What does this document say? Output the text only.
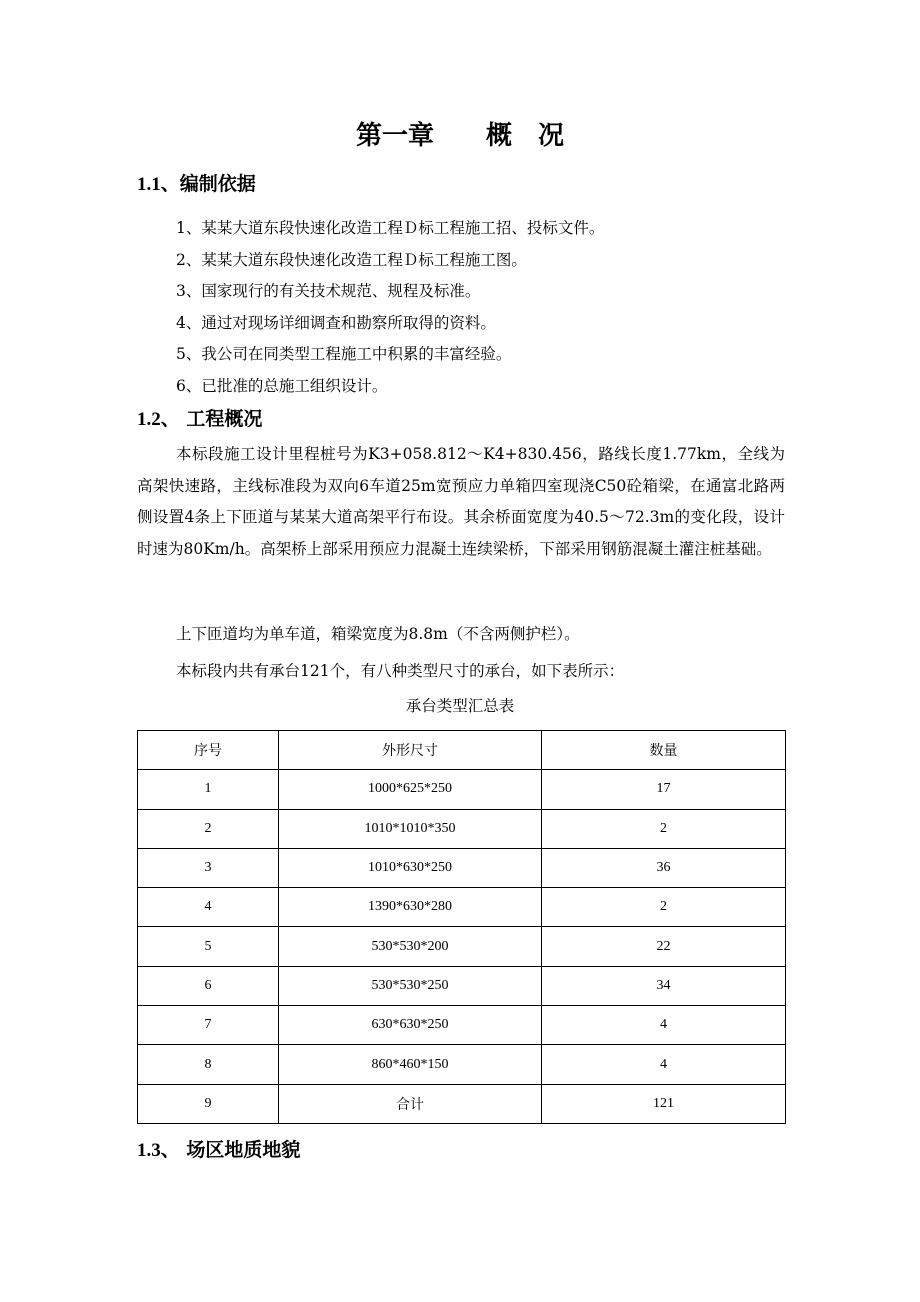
第一章　　概　况
1.1、编制依据
1、某某大道东段快速化改造工程Ｄ标工程施工招、投标文件。
2、某某大道东段快速化改造工程Ｄ标工程施工图。
3、国家现行的有关技术规范、规程及标准。
4、通过对现场详细调查和勘察所取得的资料。
5、我公司在同类型工程施工中积累的丰富经验。
6、已批准的总施工组织设计。
1.2、 工程概况

本标段施工设计里程桩号为K3+058.812～K4+830.456，路线长度1.77km，全线为高架快速路，主线标准段为双向6车道25m宽预应力单箱四室现浇C50砼箱梁，在通富北路两侧设置4条上下匝道与某某大道高架平行布设。其余桥面宽度为40.5～72.3m的变化段，设计时速为80Km/h。高架桥上部采用预应力混凝土连续梁桥，下部采用钢筋混凝土灌注桩基础。

上下匝道均为单车道，箱梁宽度为8.8m（不含两侧护栏）。

本标段内共有承台121个，有八种类型尺寸的承台，如下表所示：

承台类型汇总表
序号	外形尺寸	数量
1	1000*625*250	17
2	1010*1010*350	2
3	1010*630*250	36
4	1390*630*280	2
5	530*530*200	22
6	530*530*250	34
7	630*630*250	4
8	860*460*150	4
9	合计	121
1.3、 场区地质地貌
